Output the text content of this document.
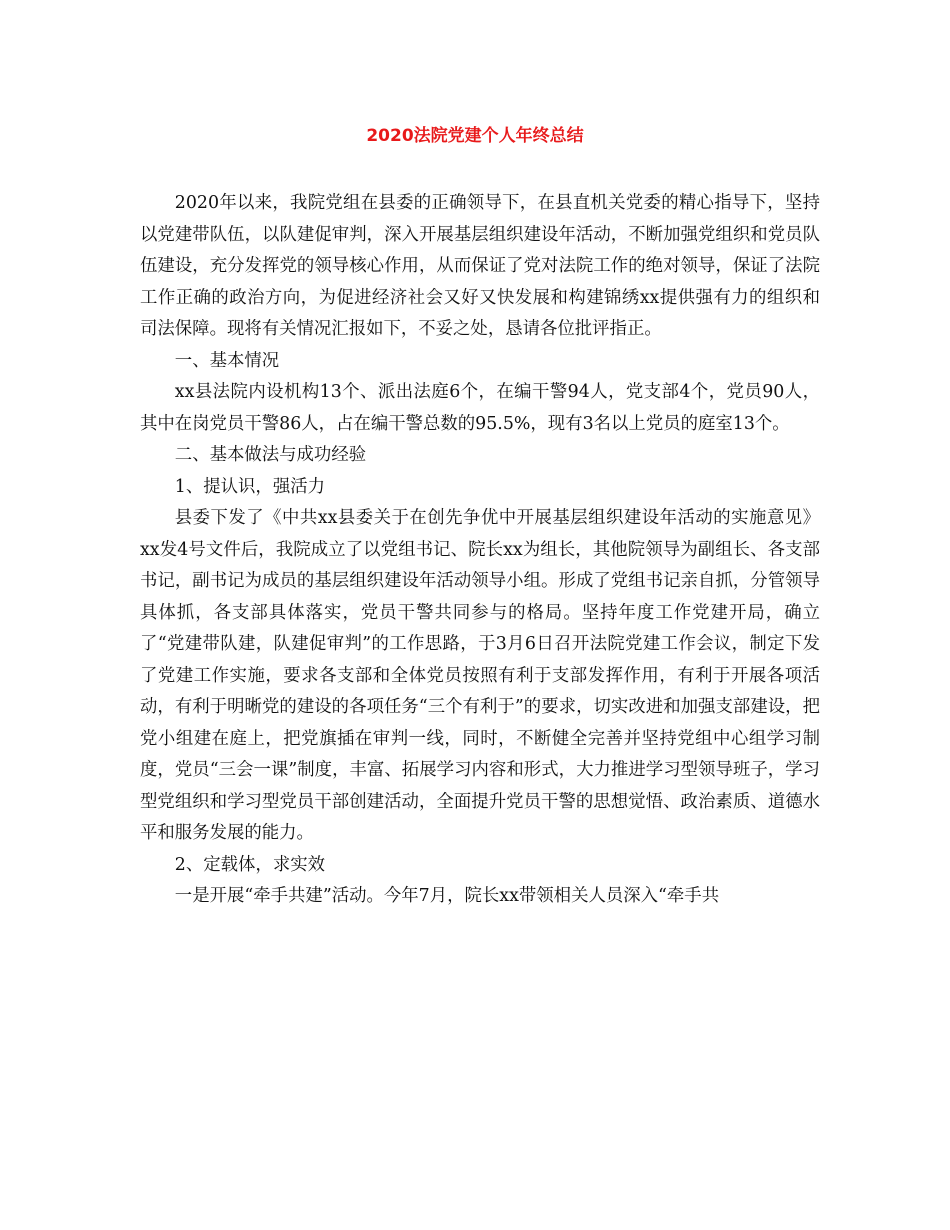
2020法院党建个人年终总结

2020年以来，我院党组在县委的正确领导下，在县直机关党委的精心指导下，坚持以党建带队伍，以队建促审判，深入开展基层组织建设年活动，不断加强党组织和党员队伍建设，充分发挥党的领导核心作用，从而保证了党对法院工作的绝对领导，保证了法院工作正确的政治方向，为促进经济社会又好又快发展和构建锦绣xx提供强有力的组织和司法保障。现将有关情况汇报如下，不妥之处，恳请各位批评指正。

一、基本情况

xx县法院内设机构13个、派出法庭6个，在编干警94人，党支部4个，党员90人，其中在岗党员干警86人，占在编干警总数的95.5%，现有3名以上党员的庭室13个。

二、基本做法与成功经验

1、提认识，强活力

县委下发了《中共xx县委关于在创先争优中开展基层组织建设年活动的实施意见》xx发4号文件后，我院成立了以党组书记、院长xx为组长，其他院领导为副组长、各支部书记，副书记为成员的基层组织建设年活动领导小组。形成了党组书记亲自抓，分管领导具体抓，各支部具体落实，党员干警共同参与的格局。坚持年度工作党建开局，确立了“党建带队建，队建促审判”的工作思路，于3月6日召开法院党建工作会议，制定下发了党建工作实施，要求各支部和全体党员按照有利于支部发挥作用，有利于开展各项活动，有利于明晰党的建设的各项任务“三个有利于”的要求，切实改进和加强支部建设，把党小组建在庭上，把党旗插在审判一线，同时，不断健全完善并坚持党组中心组学习制度，党员“三会一课”制度，丰富、拓展学习内容和形式，大力推进学习型领导班子，学习型党组织和学习型党员干部创建活动，全面提升党员干警的思想觉悟、政治素质、道德水平和服务发展的能力。

2、定载体，求实效

一是开展“牵手共建”活动。今年7月，院长xx带领相关人员深入“牵手共
